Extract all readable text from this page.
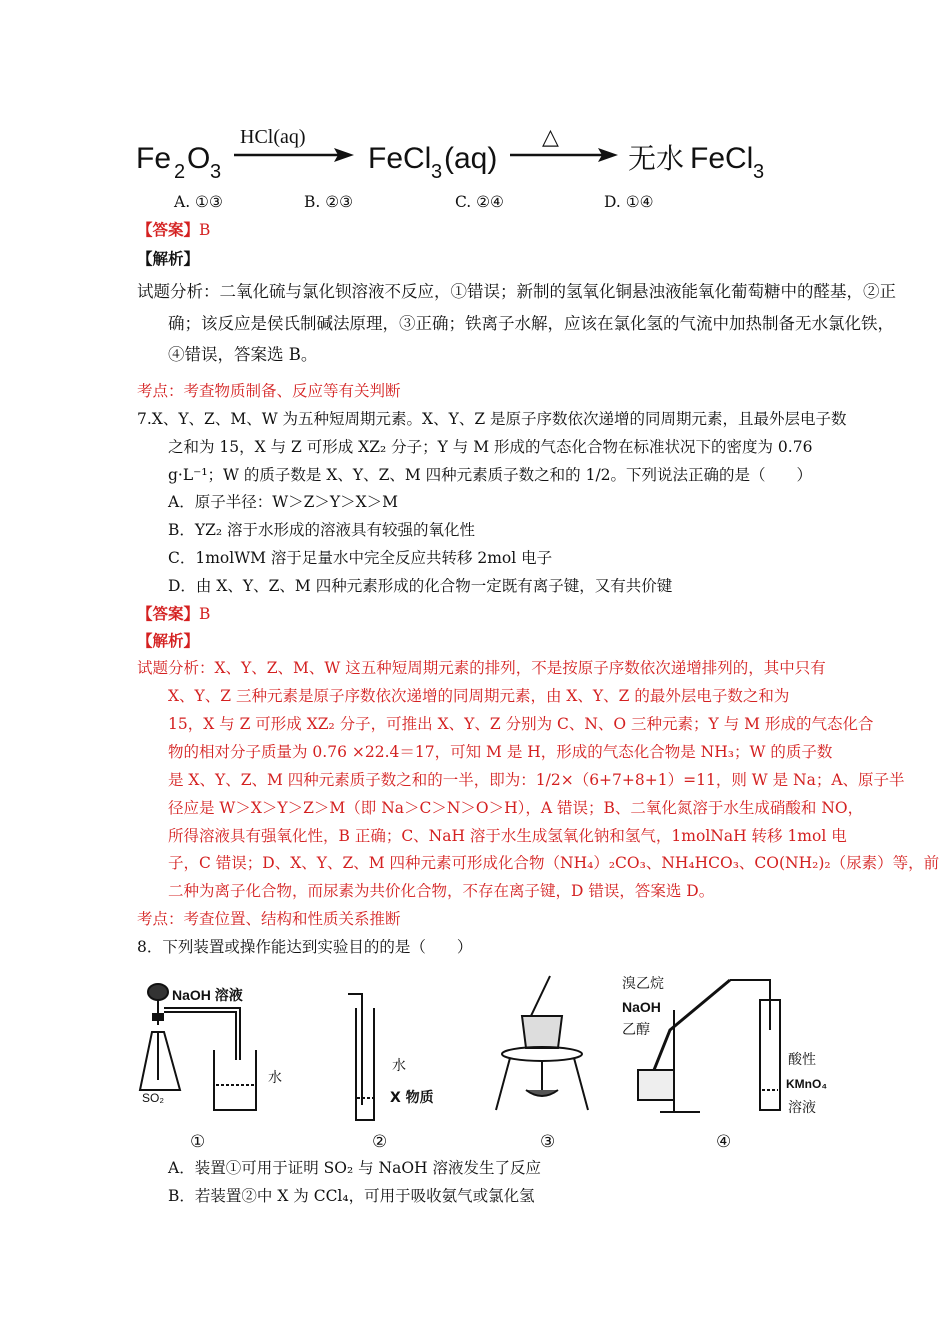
Fe 2 O 3
HCl(aq)
FeCl 3 (aq)
△
无水 FeCl 3
A. ①③	B. ②③	C. ②④	D. ①④
【答案】B
【解析】
试题分析：二氧化硫与氯化钡溶液不反应，①错误；新制的氢氧化铜悬浊液能氧化葡萄糖中的醛基，②正
确；该反应是侯氏制碱法原理，③正确；铁离子水解，应该在氯化氢的气流中加热制备无水氯化铁，
④错误，答案选 B。
考点：考查物质制备、反应等有关判断
7.X、Y、Z、M、W 为五种短周期元素。X、Y、Z 是原子序数依次递增的同周期元素，且最外层电子数
之和为 15，X 与 Z 可形成 XZ₂ 分子；Y 与 M 形成的气态化合物在标准状况下的密度为 0.76
g·L⁻¹；W 的质子数是 X、Y、Z、M 四种元素质子数之和的 1/2。下列说法正确的是（　　）
A．原子半径：W＞Z＞Y＞X＞M
B．YZ₂ 溶于水形成的溶液具有较强的氧化性
C．1molWM 溶于足量水中完全反应共转移 2mol 电子
D．由 X、Y、Z、M 四种元素形成的化合物一定既有离子键，又有共价键
【答案】B
【解析】
试题分析：X、Y、Z、M、W 这五种短周期元素的排列，不是按原子序数依次递增排列的，其中只有
X、Y、Z 三种元素是原子序数依次递增的同周期元素，由 X、Y、Z 的最外层电子数之和为
15，X 与 Z 可形成 XZ₂ 分子，可推出 X、Y、Z 分别为 C、N、O 三种元素；Y 与 M 形成的气态化合
物的相对分子质量为 0.76 ×22.4＝17，可知 M 是 H，形成的气态化合物是 NH₃；W 的质子数
是 X、Y、Z、M 四种元素质子数之和的一半，即为：1/2×（6+7+8+1）=11，则 W 是 Na；A、原子半
径应是 W＞X＞Y＞Z＞M（即 Na＞C＞N＞O＞H），A 错误；B、二氧化氮溶于水生成硝酸和 NO，
所得溶液具有强氧化性，B 正确；C、NaH 溶于水生成氢氧化钠和氢气，1molNaH 转移 1mol 电
子，C 错误；D、X、Y、Z、M 四种元素可形成化合物（NH₄）₂CO₃、NH₄HCO₃、CO(NH₂)₂（尿素）等，前
二种为离子化合物，而尿素为共价化合物，不存在离子键，D 错误，答案选 D。
考点：考查位置、结构和性质关系推断
8．下列装置或操作能达到实验目的的是（　　）
NaOH 溶液
SO₂
水
水
X 物质
溴乙烷
NaOH
乙醇
酸性
KMnO₄
溶液
①	②	③	④
A．装置①可用于证明 SO₂ 与 NaOH 溶液发生了反应
B．若装置②中 X 为 CCl₄，可用于吸收氨气或氯化氢
